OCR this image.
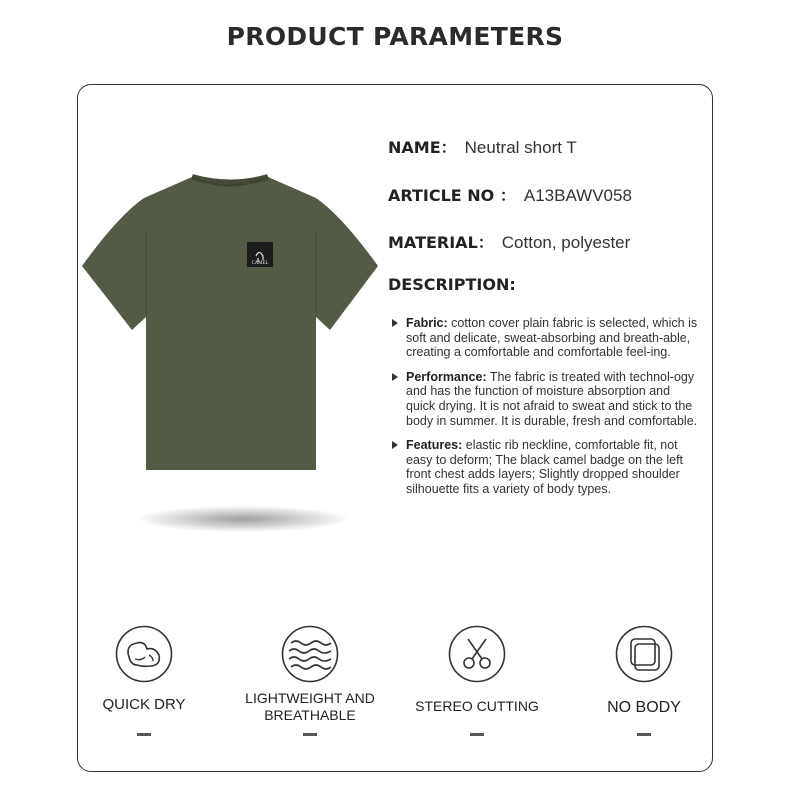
PRODUCT PARAMETERS
CAMEL
NAME： Neutral short T
ARTICLE NO ： A13BAWV058
MATERIAL： Cotton, polyester
DESCRIPTION:
Fabric: cotton cover plain fabric is selected, which is soft and delicate, sweat-absorbing and breath-able, creating a comfortable and comfortable feel-ing.
Performance: The fabric is treated with technol-ogy and has the function of moisture absorption and quick drying. It is not afraid to sweat and stick to the body in summer. It is durable, fresh and comfortable.
Features: elastic rib neckline, comfortable fit, not easy to deform; The black camel badge on the left front chest adds layers; Slightly dropped shoulder silhouette fits a variety of body types.
QUICK DRY	LIGHTWEIGHT AND BREATHABLE
STEREO CUTTING	NO BODY
